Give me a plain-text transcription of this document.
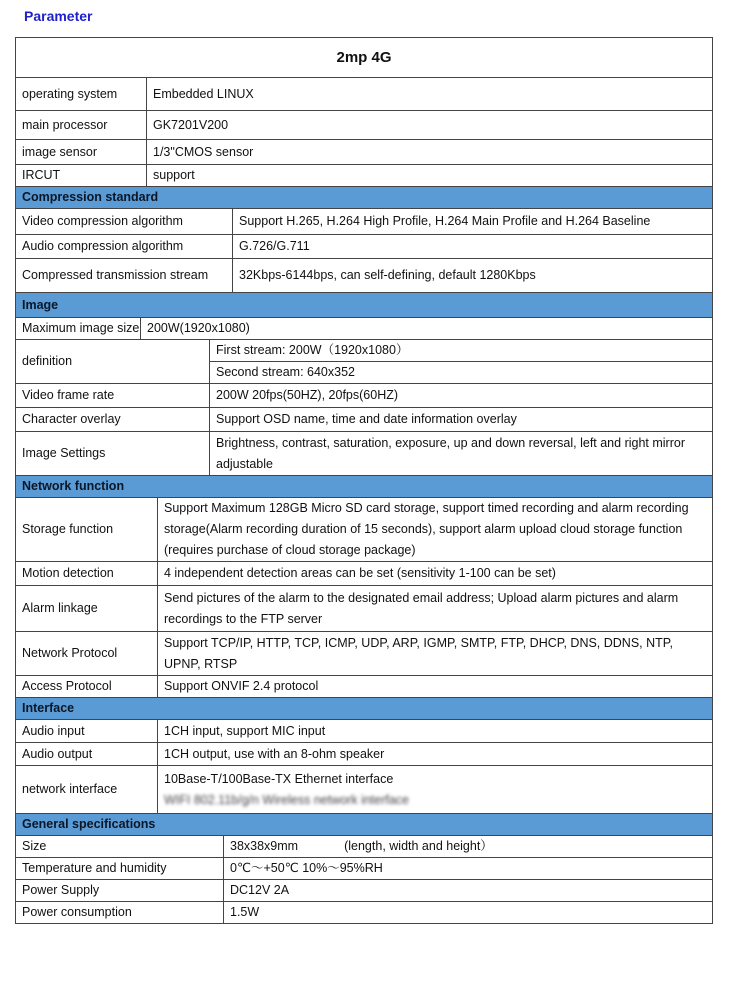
Parameter
2mp 4G						
operating system		Embedded LINUX				
main processor		GK7201V200				
image sensor		1/3"CMOS sensor				
IRCUT		support				
Compression standard						
Video compression algorithm						Support H.265, H.264 High Profile, H.264 Main Profile and H.264 Baseline
Audio compression algorithm						G.726/G.711
Compressed transmission stream						32Kbps-6144bps, can self-defining, default 1280Kbps
Image						
Maximum image size	200W(1920x1080)					
definition				First stream: 200W（1920x1080）		
				Second stream: 640x352		
Video frame rate				200W 20fps(50HZ), 20fps(60HZ)		
Character overlay				Support OSD name, time and date information overlay		
Image Settings				Brightness, contrast, saturation, exposure, up and down reversal, left and right mirror adjustable		
Network function						
Storage function			Support Maximum 128GB Micro SD card storage, support timed recording and alarm recording storage(Alarm recording duration of 15 seconds), support alarm upload cloud storage function (requires purchase of cloud storage package)			
Motion detection			4 independent detection areas can be set (sensitivity 1-100 can be set)			
Alarm linkage			Send pictures of the alarm to the designated email address; Upload alarm pictures and alarm recordings to the FTP server			
Network Protocol			Support TCP/IP, HTTP, TCP, ICMP, UDP, ARP, IGMP, SMTP, FTP, DHCP, DNS, DDNS, NTP, UPNP, RTSP			
Access Protocol			Support ONVIF 2.4 protocol			
Interface						
Audio input			1CH input, support MIC input			
Audio output			1CH output, use with an 8-ohm speaker			
network interface			10Base-T/100Base-TX Ethernet interface
WIFI 802.11b/g/n Wireless network interface			

General specifications						
Size					38x38x9mm (length, width and height）	
Temperature and humidity					0℃～+50℃ 10%～95%RH	
Power Supply					DC12V 2A	
Power consumption					1.5W	
